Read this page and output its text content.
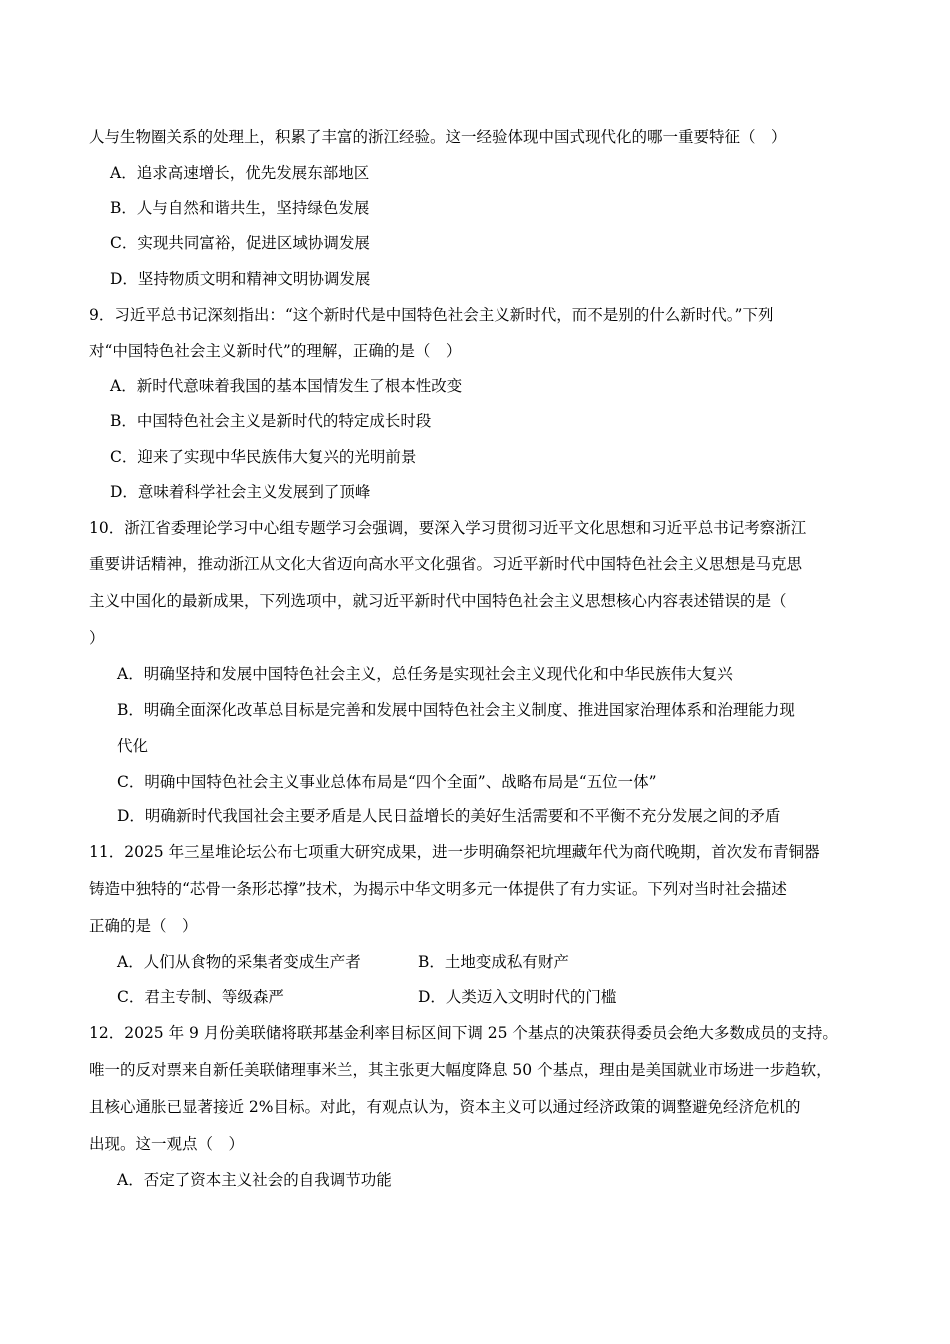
人与生物圈关系的处理上，积累了丰富的浙江经验。这一经验体现中国式现代化的哪一重要特征（　）
A．追求高速增长，优先发展东部地区
B．人与自然和谐共生，坚持绿色发展
C．实现共同富裕，促进区域协调发展
D．坚持物质文明和精神文明协调发展
9．习近平总书记深刻指出：“这个新时代是中国特色社会主义新时代，而不是别的什么新时代。”下列
对“中国特色社会主义新时代”的理解，正确的是（　）
A．新时代意味着我国的基本国情发生了根本性改变
B．中国特色社会主义是新时代的特定成长时段
C．迎来了实现中华民族伟大复兴的光明前景
D．意味着科学社会主义发展到了顶峰
10．浙江省委理论学习中心组专题学习会强调，要深入学习贯彻习近平文化思想和习近平总书记考察浙江
重要讲话精神，推动浙江从文化大省迈向高水平文化强省。习近平新时代中国特色社会主义思想是马克思
主义中国化的最新成果，下列选项中，就习近平新时代中国特色社会主义思想核心内容表述错误的是（
）
A．明确坚持和发展中国特色社会主义，总任务是实现社会主义现代化和中华民族伟大复兴
B．明确全面深化改革总目标是完善和发展中国特色社会主义制度、推进国家治理体系和治理能力现
代化
C．明确中国特色社会主义事业总体布局是“四个全面”、战略布局是“五位一体”
D．明确新时代我国社会主要矛盾是人民日益增长的美好生活需要和不平衡不充分发展之间的矛盾
11．2025 年三星堆论坛公布七项重大研究成果，进一步明确祭祀坑埋藏年代为商代晚期，首次发布青铜器
铸造中独特的“芯骨一条形芯撑”技术，为揭示中华文明多元一体提供了有力实证。下列对当时社会描述
正确的是（　）
A．人们从食物的采集者变成生产者	B．土地变成私有财产
C．君主专制、等级森严	D．人类迈入文明时代的门槛
12．2025 年 9 月份美联储将联邦基金利率目标区间下调 25 个基点的决策获得委员会绝大多数成员的支持。
唯一的反对票来自新任美联储理事米兰，其主张更大幅度降息 50 个基点，理由是美国就业市场进一步趋软，
且核心通胀已显著接近 2%目标。对此，有观点认为，资本主义可以通过经济政策的调整避免经济危机的
出现。这一观点（　）
A．否定了资本主义社会的自我调节功能
